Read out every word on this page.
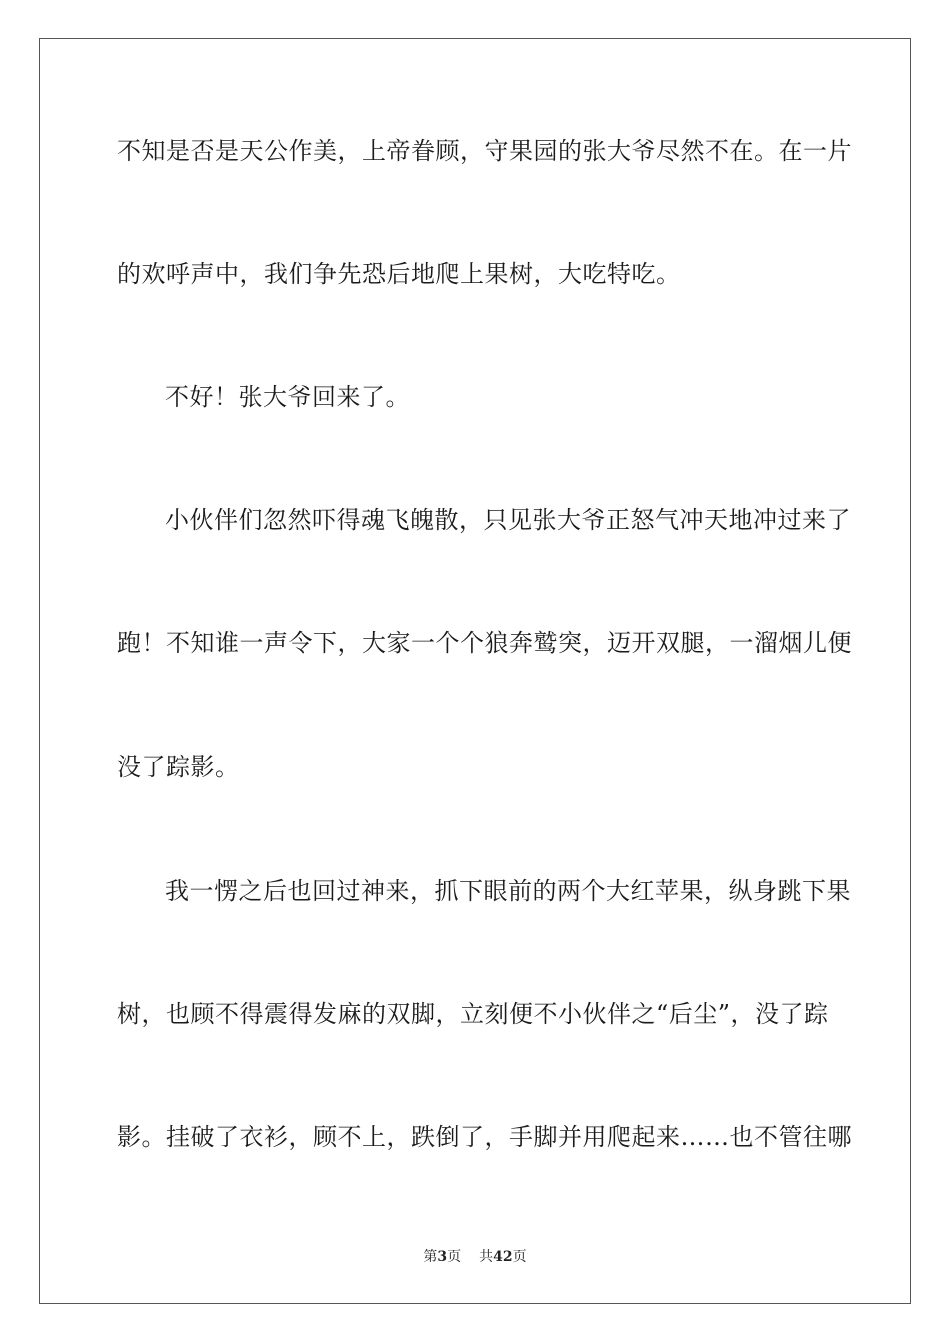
不知是否是天公作美，上帝眷顾，守果园的张大爷尽然不在。在一片
的欢呼声中，我们争先恐后地爬上果树，大吃特吃。
不好！张大爷回来了。
小伙伴们忽然吓得魂飞魄散，只见张大爷正怒气冲天地冲过来了
跑！不知谁一声令下，大家一个个狼奔鹫突，迈开双腿，一溜烟儿便
没了踪影。
我一愣之后也回过神来，抓下眼前的两个大红苹果，纵身跳下果
树，也顾不得震得发麻的双脚，立刻便不小伙伴之“后尘”，没了踪
影。挂破了衣衫，顾不上，跌倒了，手脚并用爬起来……也不管往哪
第3页 共42页
